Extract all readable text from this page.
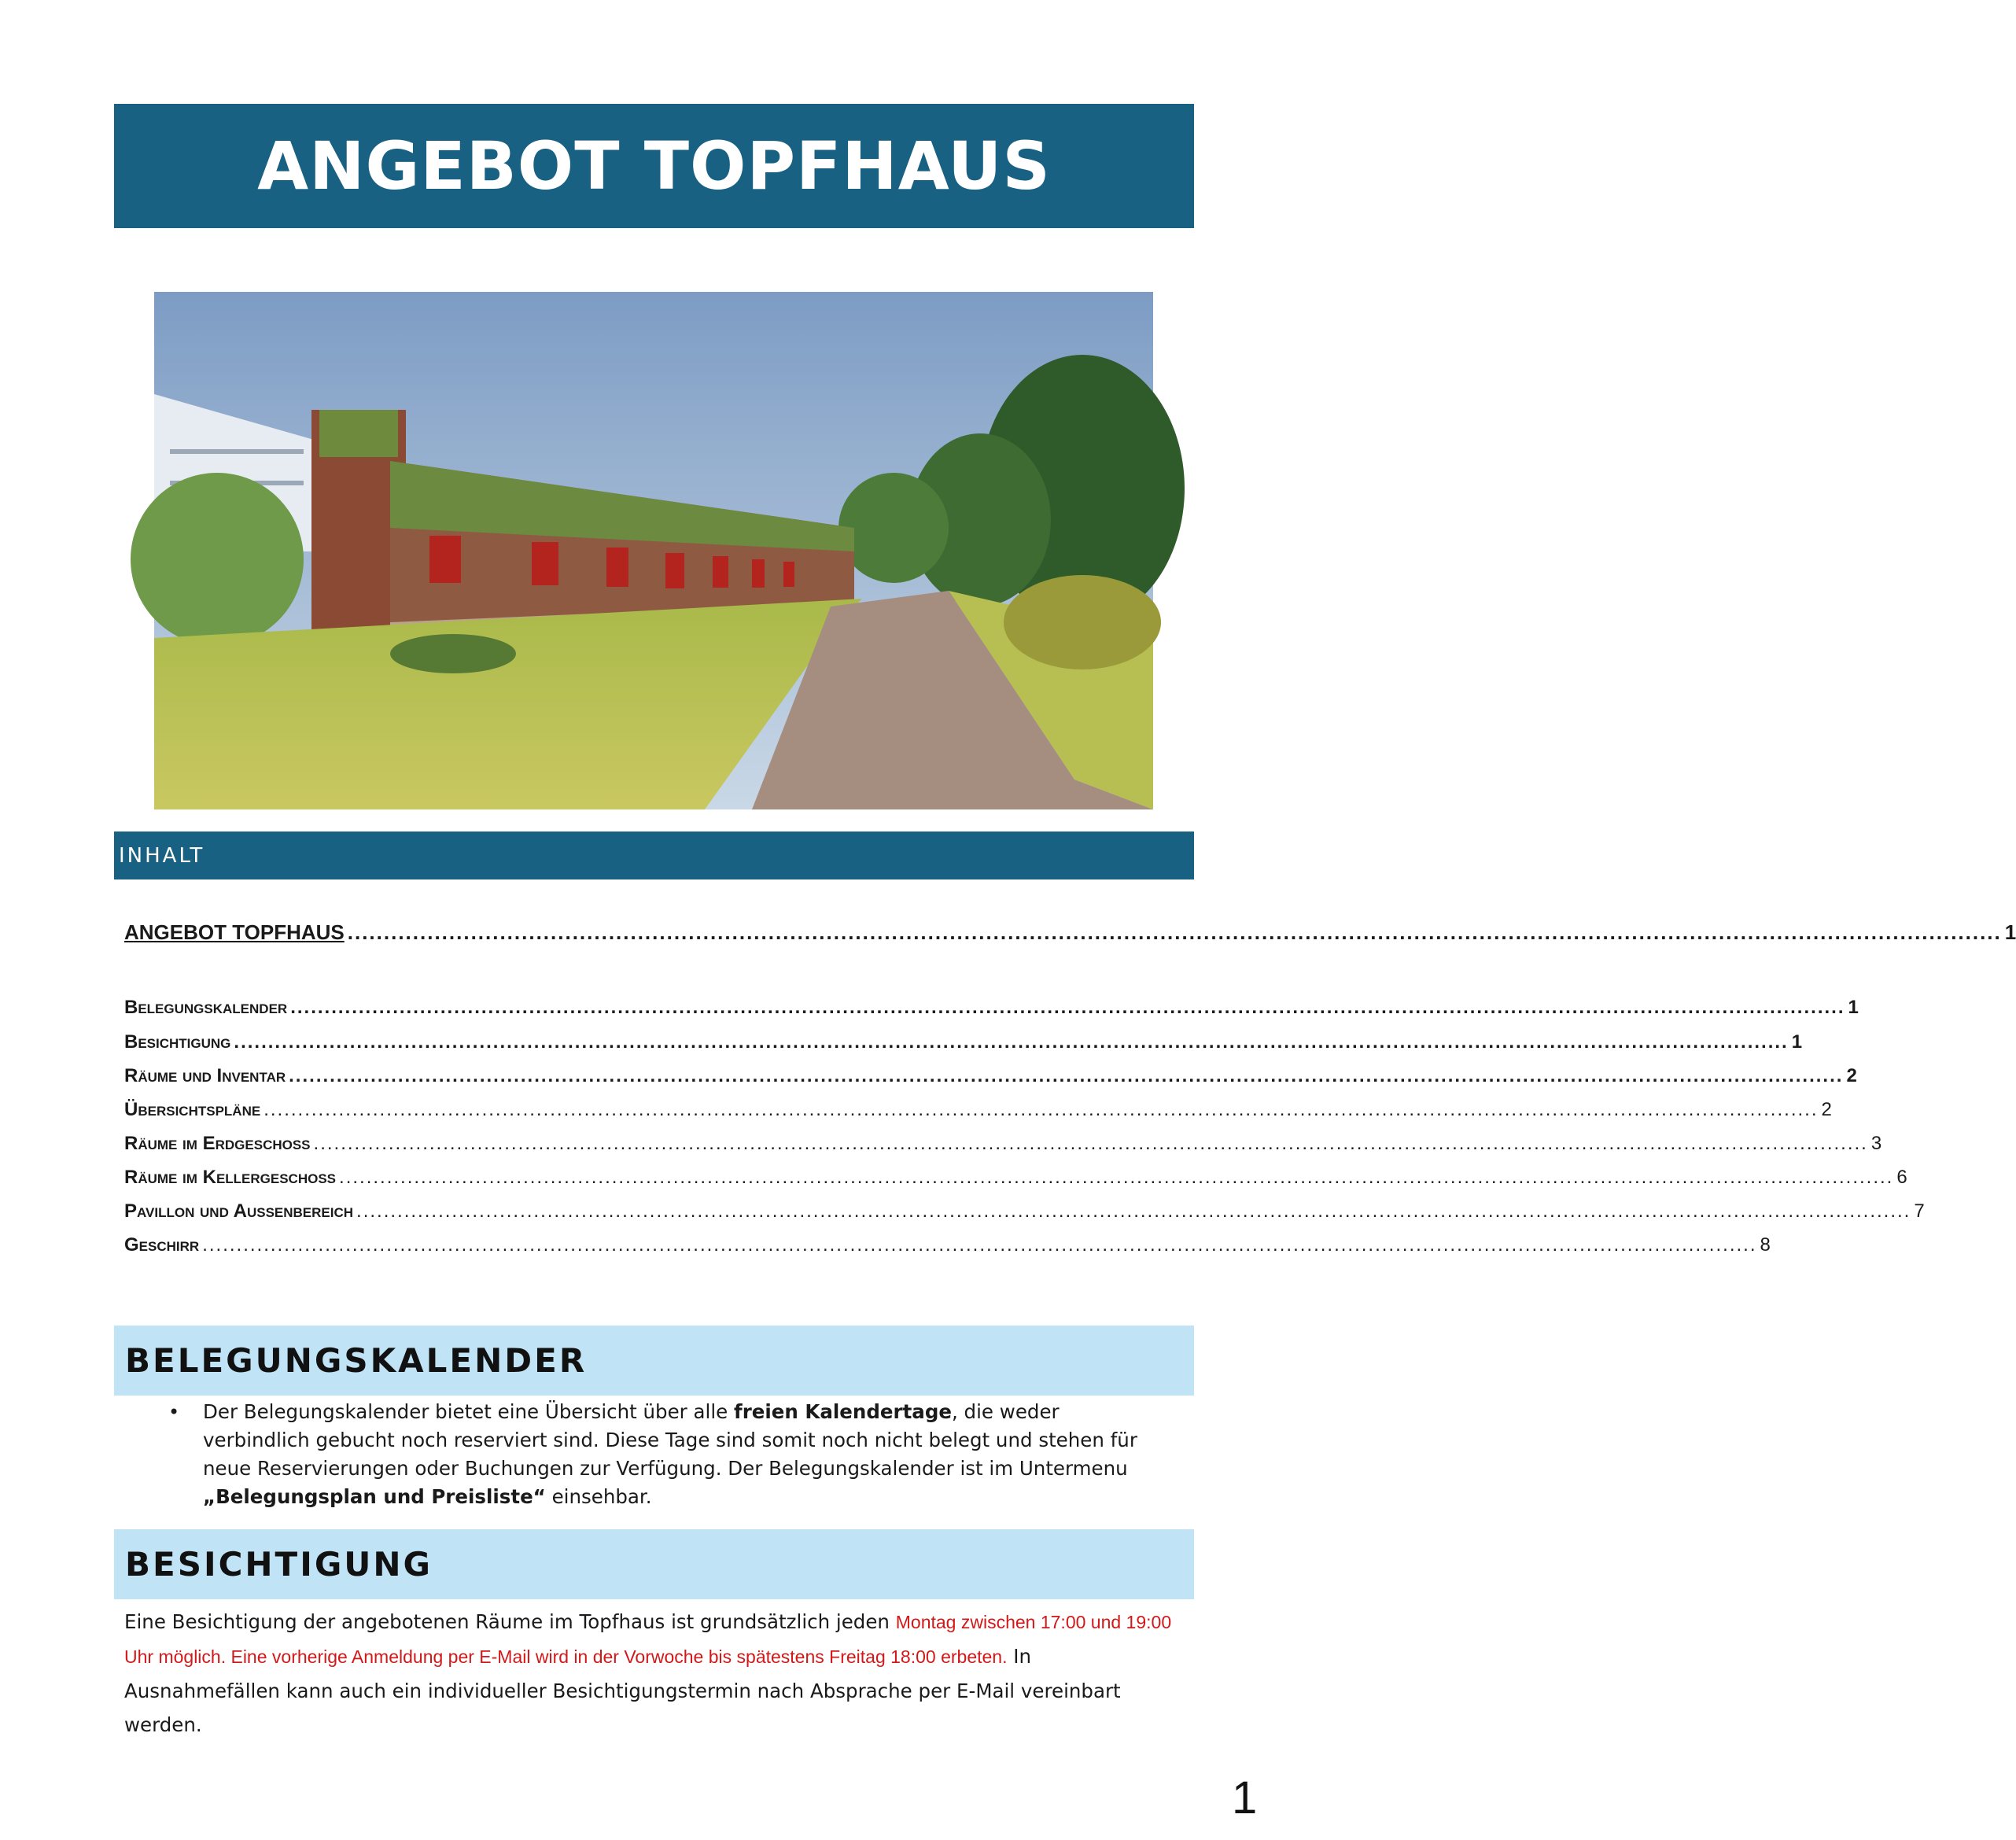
ANGEBOT TOPFHAUS
INHALT
ANGEBOT TOPFHAUS .................................................................................................................................................................................................................................... 1
Belegungskalender .................................................................................................................................................................................................................................... 1
Besichtigung .................................................................................................................................................................................................................................... 1
Räume und Inventar .................................................................................................................................................................................................................................... 2
Übersichtspläne .................................................................................................................................................................................................................................... 2
Räume im Erdgeschoss .................................................................................................................................................................................................................................... 3
Räume im Kellergeschoss .................................................................................................................................................................................................................................... 6
Pavillon und Außenbereich .................................................................................................................................................................................................................................... 7
Geschirr .................................................................................................................................................................................................................................... 8
BELEGUNGSKALENDER
•	Der Belegungskalender bietet eine Übersicht über alle freien Kalendertage, die weder verbindlich gebucht noch reserviert sind. Diese Tage sind somit noch nicht belegt und stehen für neue Reservierungen oder Buchungen zur Verfügung. Der Belegungskalender ist im Untermenu „Belegungsplan und Preisliste“ einsehbar.

BESICHTIGUNG

Eine Besichtigung der angebotenen Räume im Topfhaus ist grundsätzlich jeden Montag zwischen 17:00 und 19:00 Uhr möglich. Eine vorherige Anmeldung per E-Mail wird in der Vorwoche bis spätestens Freitag 18:00 erbeten. In Ausnahmefällen kann auch ein individueller Besichtigungstermin nach Absprache per E-Mail vereinbart werden.

1
